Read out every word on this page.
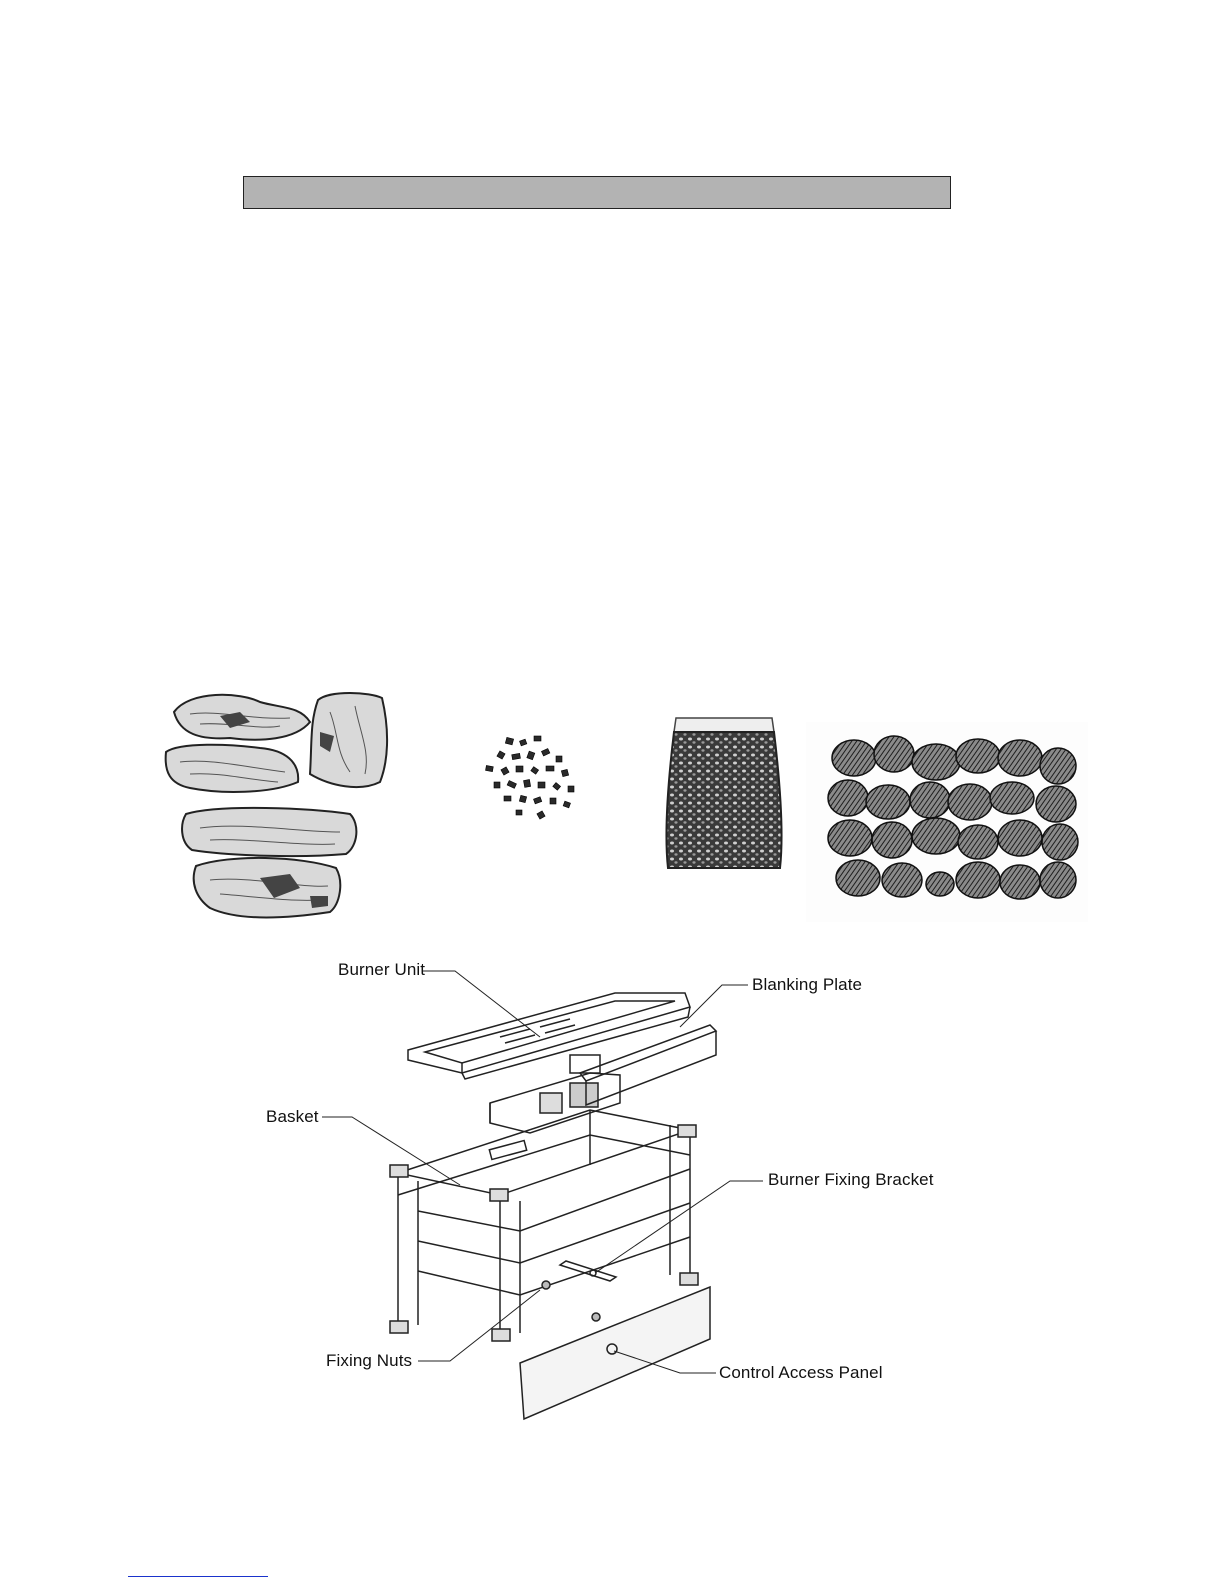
Burner Unit
Blanking Plate
Basket
Burner Fixing Bracket
Fixing Nuts
Control Access Panel
